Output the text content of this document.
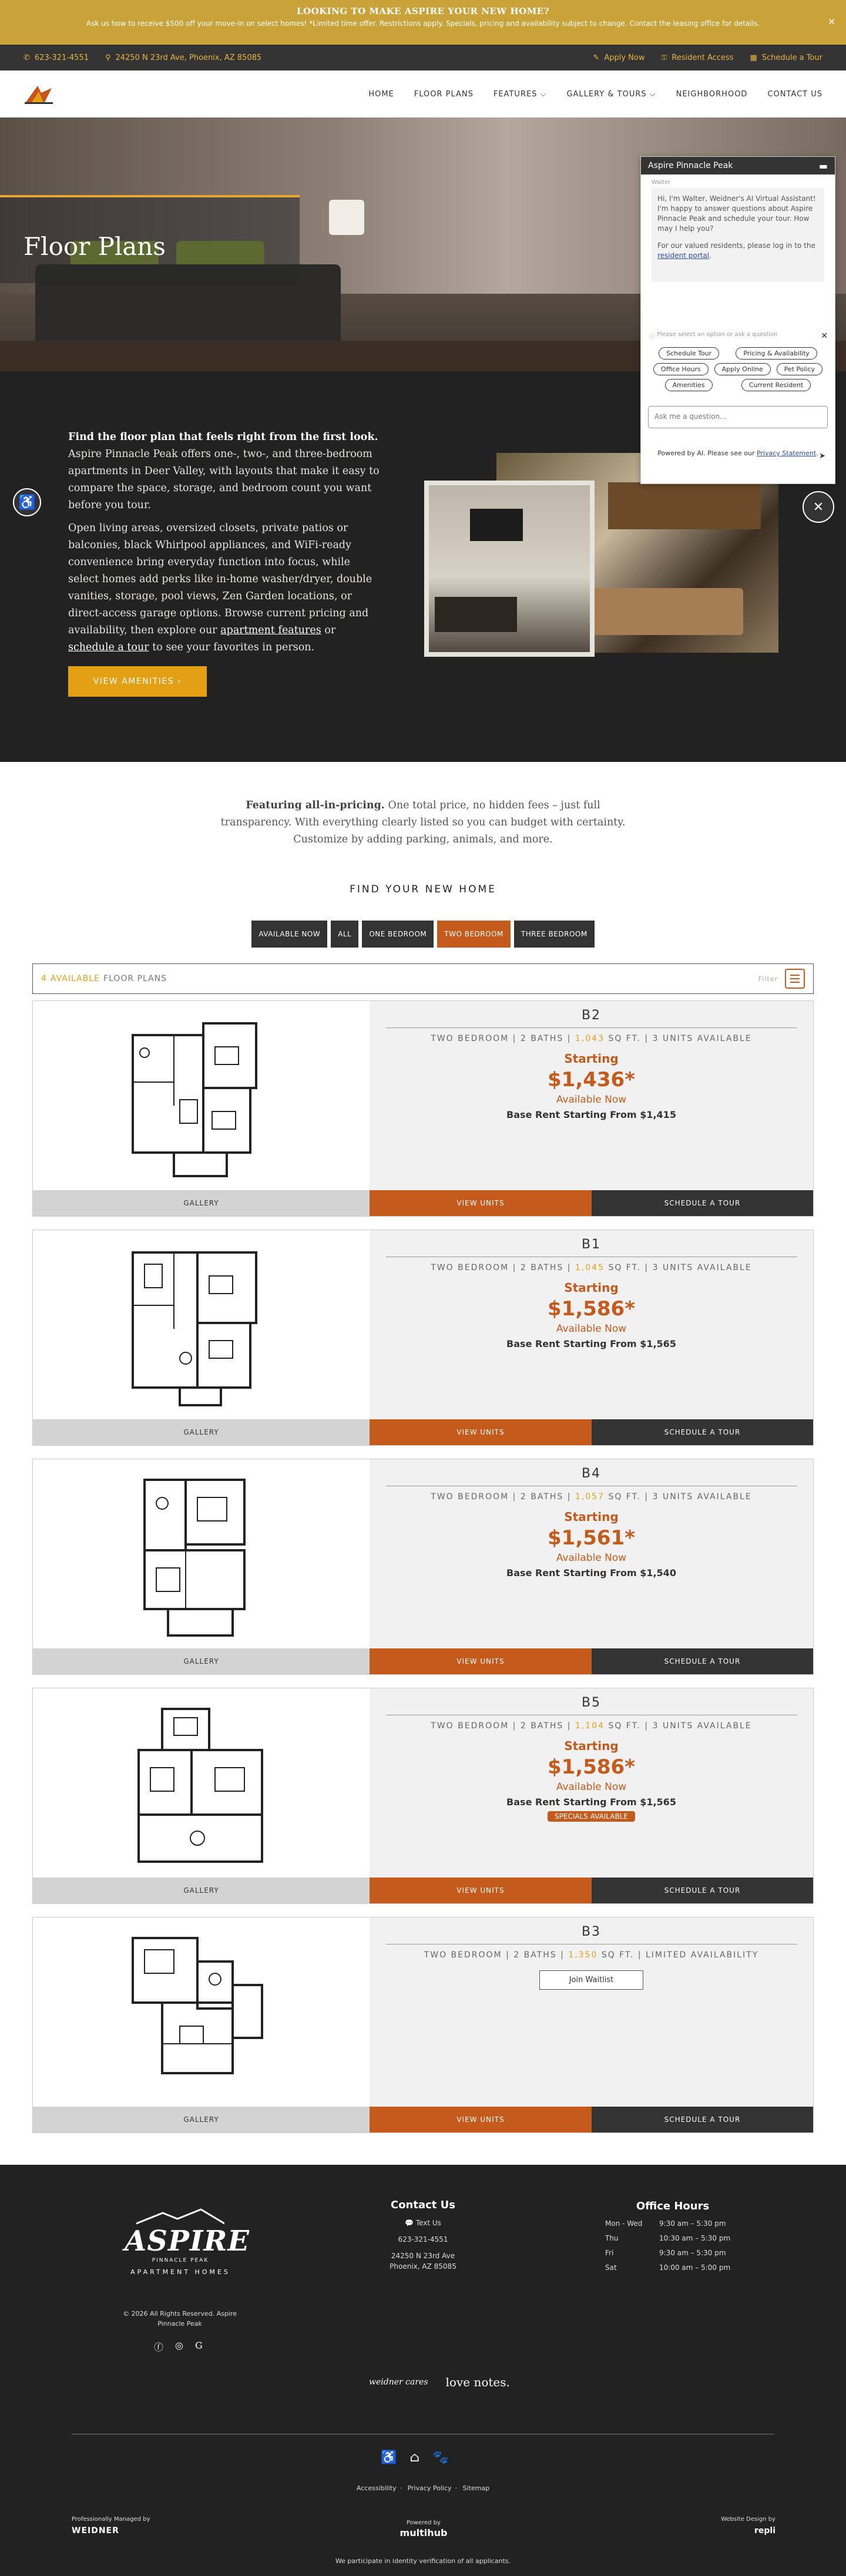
LOOKING TO MAKE ASPIRE YOUR NEW HOME?
Ask us how to receive $500 off your move-in on select homes! *Limited time offer. Restrictions apply. Specials, pricing and availability subject to change. Contact the leasing office for details.	✕
✆ 623-321-4551 ⚲ 24250 N 23rd Ave, Phoenix, AZ 85085	✎ Apply Now ⚿ Resident Access ▦ Schedule a Tour
HOME	FLOOR PLANS	FEATURES ⌵	GALLERY & TOURS ⌵	NEIGHBORHOOD	CONTACT US
Floor Plans
Aspire Pinnacle Peak	▬
Walter
Hi, I'm Walter, Weidner's AI Virtual Assistant! I'm happy to answer questions about Aspire Pinnacle Peak and schedule your tour. How may I help you?
For our valued residents, please log in to the resident portal.
ⓘ Please select an option or ask a question	✕
Schedule Tour	Pricing & Availability
Office Hours	Apply Online	Pet Policy
Amenities	Current Resident
Ask me a question...
➤
Powered by AI. Please see our Privacy Statement.
♿	✕

Find the floor plan that feels right from the first look. Aspire Pinnacle Peak offers one-, two-, and three-bedroom apartments in Deer Valley, with layouts that make it easy to compare the space, storage, and bedroom count you want before you tour.

Open living areas, oversized closets, private patios or balconies, black Whirlpool appliances, and WiFi-ready convenience bring everyday function into focus, while select homes add perks like in-home washer/dryer, double vanities, storage, pool views, Zen Garden locations, or direct-access garage options. Browse current pricing and availability, then explore our apartment features or schedule a tour to see your favorites in person.

VIEW AMENITIES ›
Featuring all-in-pricing. One total price, no hidden fees – just full transparency. With everything clearly listed so you can budget with certainty. Customize by adding parking, animals, and more.
FIND YOUR NEW HOME
AVAILABLE NOW	ALL	ONE BEDROOM	TWO BEDROOM	THREE BEDROOM
4 AVAILABLE FLOOR PLANS	Filter
B2
TWO BEDROOM | 2 BATHS | 1,043 SQ FT. | 3 UNITS AVAILABLE
Starting
$1,436*
Available Now
Base Rent Starting From $1,415
GALLERY	VIEW UNITS	SCHEDULE A TOUR
B1
TWO BEDROOM | 2 BATHS | 1,045 SQ FT. | 3 UNITS AVAILABLE
Starting
$1,586*
Available Now
Base Rent Starting From $1,565
GALLERY	VIEW UNITS	SCHEDULE A TOUR
B4
TWO BEDROOM | 2 BATHS | 1,057 SQ FT. | 3 UNITS AVAILABLE
Starting
$1,561*
Available Now
Base Rent Starting From $1,540
GALLERY	VIEW UNITS	SCHEDULE A TOUR
B5
TWO BEDROOM | 2 BATHS | 1,104 SQ FT. | 3 UNITS AVAILABLE
Starting
$1,586*
Available Now
Base Rent Starting From $1,565
SPECIALS AVAILABLE
GALLERY	VIEW UNITS	SCHEDULE A TOUR
B3
TWO BEDROOM | 2 BATHS | 1,350 SQ FT. | LIMITED AVAILABILITY
Join Waitlist
GALLERY	VIEW UNITS	SCHEDULE A TOUR
ASPIRE
PINNACLE PEAK
APARTMENT HOMES
© 2026 All Rights Reserved. Aspire Pinnacle Peak
ⓕ ◎ G
Contact Us
💬 Text Us
623-321-4551
24250 N 23rd Ave
Phoenix, AZ 85085
Office Hours
Mon - Wed	9:30 am – 5:30 pm
Thu	10:30 am – 5:30 pm
Fri	9:30 am – 5:30 pm
Sat	10:00 am – 5:00 pm
weidner cares love notes.
♿ ⌂ 🐾
Accessibility · Privacy Policy · Sitemap
Professionally Managed by
WEIDNER
Powered by
multihub
Website Design by
repli
We participate in identity verification of all applicants.
